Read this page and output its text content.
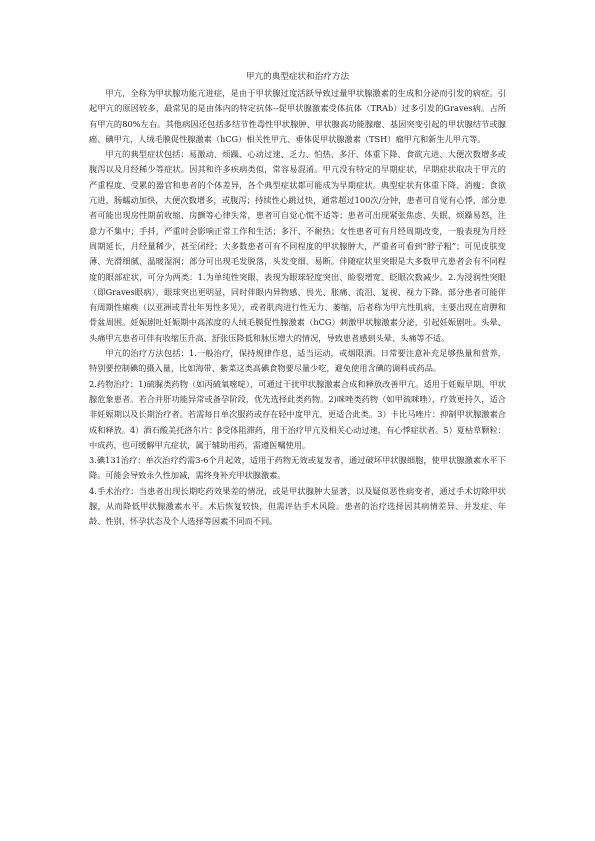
甲亢的典型症状和治疗方法

甲亢，全称为甲状腺功能亢进症，是由于甲状腺过度活跃导致过量甲状腺激素的生成和分泌而引发的病症。引起甲亢的原因较多，最常见的是由体内的特定抗体--促甲状腺激素受体抗体（TRAb）过多引发的Graves病。占所有甲亢的80%左右。其他病因还包括多结节性毒性甲状腺肿、甲状腺高功能腺瘤、基因突变引起的甲状腺结节或腺癌、碘甲亢，人绒毛膜促性腺激素（hCG）相关性甲亢、垂体促甲状腺激素（TSH）瘤甲亢和新生儿甲亢等。

甲亢的典型症状包括：易激动、烦躁、心动过速、乏力、怕热、多汗、体重下降、食欲亢进、大便次数增多或腹泻以及月经稀少等症状。因其和许多疾病类似，常容易混淆。甲亢没有特定的早期症状，早期症状取决于甲亢的严重程度、受累的器官和患者的个体差异，各个典型症状都可能成为早期症状。典型症状有体重下降、消瘦；食欲亢进，肠蠕动加快，大便次数增多，或腹泻；持续性心跳过快，通常超过100次/分钟，患者可自觉有心悸，部分患者可能出现房性期前收缩、房颤等心律失常，患者可自觉心慌不适等；患者可出现紧张焦虑、失眠、烦躁易怒，注意力不集中；手抖，严重时会影响正常工作和生活；多汗、不耐热；女性患者可有月经周期改变，一般表现为月经周期延长，月经量稀少，甚至闭经；大多数患者可有不同程度的甲状腺肿大，严重者可看到“脖子粗”；可见皮肤变薄、光滑细腻、温暖湿润；部分可出现毛发脱落，头发变细、易断。伴随症状里突眼是大多数甲亢患者会有不同程度的眼部症状，可分为两类：1.为单纯性突眼，表现为眼球轻度突出、睑裂增宽、眨眼次数减少。2.为浸润性突眼（即Graves眼病），眼球突出更明显，同时伴眼内异物感、畏光、胀痛、流泪、复视、视力下降。部分患者可能伴有周期性瘫痪（以亚洲或青壮年男性多见），或者肌肉进行性无力、萎缩，后者称为甲亢性肌病，主要出现在肩胛和骨盆周围。妊娠剧吐妊娠期中高浓度的人绒毛膜促性腺激素（hCG）刺激甲状腺激素分泌，引起妊娠剧吐。头晕、头痛甲亢患者可伴有收缩压升高、舒张压降低和脉压增大的情况，导致患者感到头晕、头痛等不适。

甲亢的治疗方法包括：1.一般治疗，保持规律作息，适当运动，戒烟限酒。日常要注意补充足够热量和营养，特别要控制碘的摄入量，比如海带、紫菜这类高碘食物要尽量少吃，避免使用含碘的调料或药品。

2.药物治疗：1)硫脲类药物（如丙硫氧嘧啶），可通过干扰甲状腺激素合成和释放改善甲亢。适用于妊娠早期、甲状腺危象患者。若合并肝功能异常或备孕阶段，优先选择此类药物。2)咪唑类药物（如甲巯咪唑），疗效更持久，适合非妊娠期以及长期治疗者。若需每日单次服药或存在轻中度甲亢，更适合此类。3）卡比马唑片：抑制甲状腺激素合成和释放。4）酒石酸美托洛尔片：β受体阻滞药，用于治疗甲亢及相关心动过速，有心悸症状者。5）夏枯草颗粒：中成药，也可缓解甲亢症状，属于辅助用药，需遵医嘱使用。

3.碘131治疗：单次治疗约需3-6个月起效，适用于药物无效或复发者，通过破坏甲状腺细胞，使甲状腺激素水平下降。可能会导致永久性加减，需终身补充甲状腺激素。

4.手术治疗：当患者出现长期吃药效果差的情况，或是甲状腺肿大显著，以及疑似恶性病变者，通过手术切除甲状腺，从而降低甲状腺激素水平。术后恢复较快，但需评估手术风险。患者的治疗选择因其病情差异、并发症、年龄、性别、怀孕状态及个人选择等因素不同而不同。
